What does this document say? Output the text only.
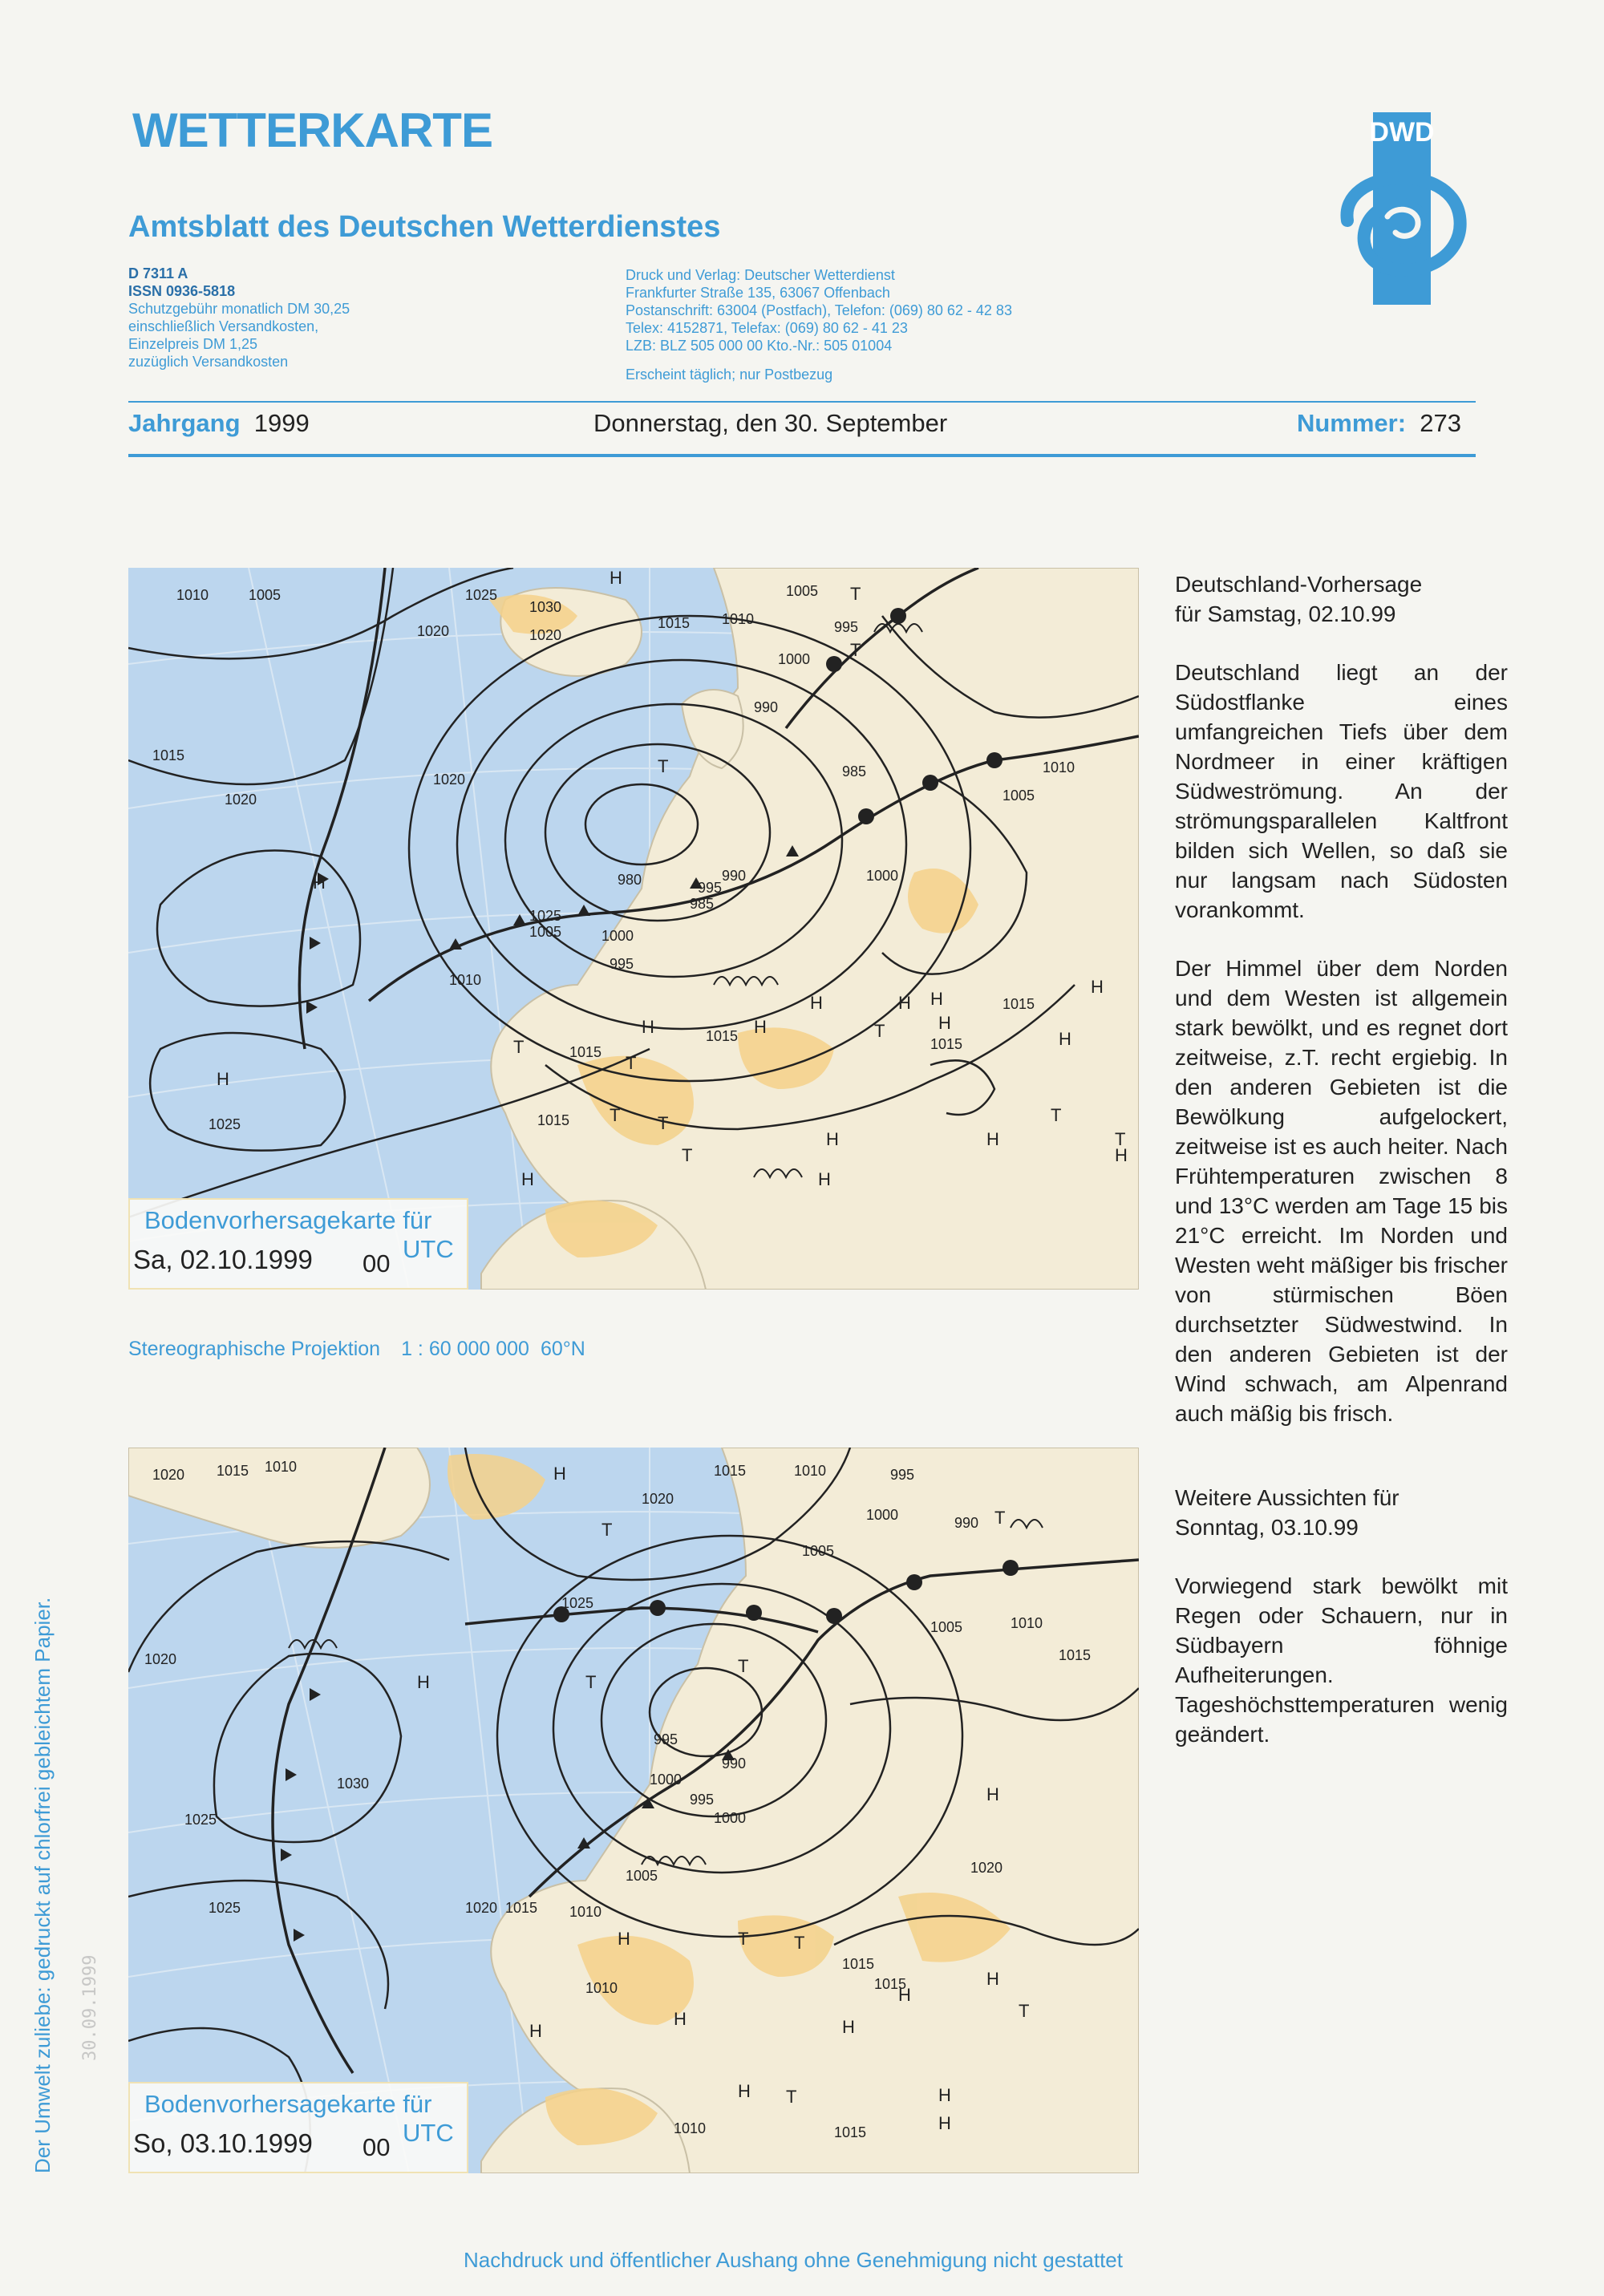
WETTERKARTE
Amtsblatt des Deutschen Wetterdienstes
DWD
D 7311 A
ISSN 0936-5818
Schutzgebühr monatlich DM 30,25
einschließlich Versandkosten,
Einzelpreis DM 1,25
zuzüglich Versandkosten
Druck und Verlag: Deutscher Wetterdienst
Frankfurter Straße 135, 63067 Offenbach
Postanschrift: 63004 (Postfach), Telefon: (069) 80 62 - 42 83
Telex: 4152871, Telefax: (069) 80 62 - 41 23
LZB: BLZ 505 000 00 Kto.-Nr.: 505 01004
Erscheint täglich; nur Postbezug
Jahrgang 1999	Donnerstag, den 30. September	Nummer: 273
1010	1005	1025
1030
H
1005 T
1020	1020
1015 1010	995
1000 T
990
1015
1020
T	985	1010
1005
1020
H	980	990
995
985
1000
1025
1005	1000
995
1010
H	1015
H
H
1015
H
1015
H
1025
T
H	H	T	H
1015	H
1015
T
T
T
H
T
H
T
H	T
H
H
Bodenvorhersagekarte für
Sa, 02.10.1999 00
UTC
Stereographische Projektion 1 : 60 000 000 60°N
1020 1015 1010	H
1020
1015	1010	995
1000	990 T
1005
1025
T
1020
1005	1010
1015
H
T
T
995
990
1030	1000
995	H
1025	1000
1020
1005
1025	1020 1015 1010
H	T	T
1015
1010	H
1015	H
H
H
T
H
H	H
T
1010	1015	H
Bodenvorhersagekarte für
So, 03.10.1999 00
UTC

Deutschland-Vorhersage

für Samstag, 02.10.99

Deutschland liegt an der Südostflanke eines umfangreichen Tiefs über dem Nordmeer in einer kräftigen Südweströmung. An der strömungsparallelen Kaltfront bilden sich Wellen, so daß sie nur langsam nach Südosten vorankommt.

Der Himmel über dem Norden und dem Westen ist allgemein stark bewölkt, und es regnet dort zeitweise, z.T. recht ergiebig. In den anderen Gebieten ist die Bewölkung aufgelockert, zeitweise ist es auch heiter. Nach Frühtemperaturen zwischen 8 und 13°C werden am Tage 15 bis 21°C erreicht. Im Norden und Westen weht mäßiger bis frischer von stürmischen Böen durchsetzter Südwestwind. In den anderen Gebieten ist der Wind schwach, am Alpenrand auch mäßig bis frisch.

Weitere Aussichten für

Sonntag, 03.10.99

Vorwiegend stark bewölkt mit Regen oder Schauern, nur in Südbayern föhnige Aufheiterungen. Tageshöchsttemperaturen wenig geändert.

Der Umwelt zuliebe: gedruckt auf chlorfrei gebleichtem Papier. 30.09.1999
Nachdruck und öffentlicher Aushang ohne Genehmigung nicht gestattet
